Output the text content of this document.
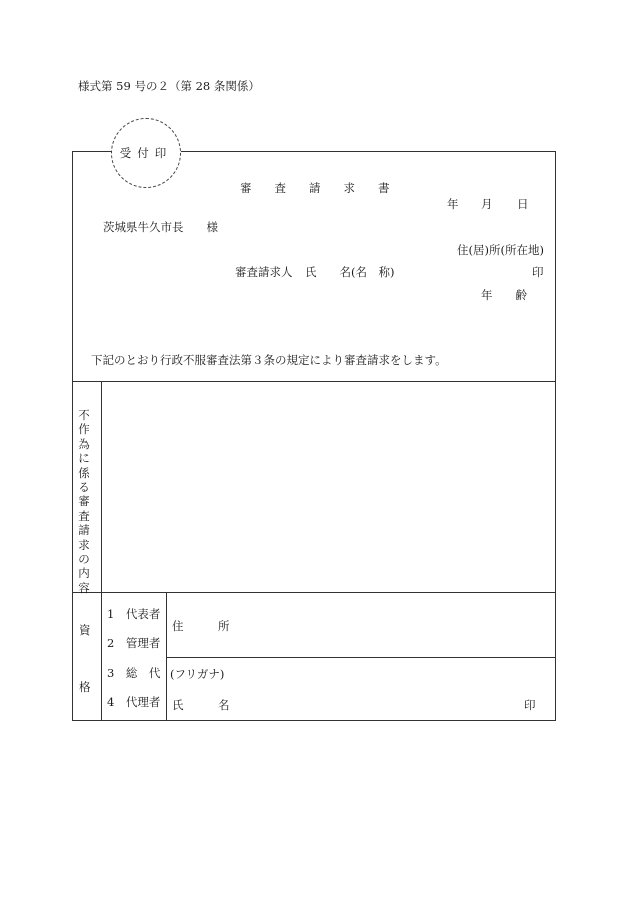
様式第 59 号の２（第 28 条関係）
受付印
審査請求書
年 月 日
茨城県牛久市長　　様
住(居)所(所在地)
審査請求人 氏　　名(名　称)	印
年　　齢
下記のとおり行政不服審査法第３条の規定により審査請求をします。
不作為に係る審査請求の内容
資
格
1　代表者
2　管理者
3　総　代
4　代理者
住　　　所
(フリガナ)
氏　　　名	印
